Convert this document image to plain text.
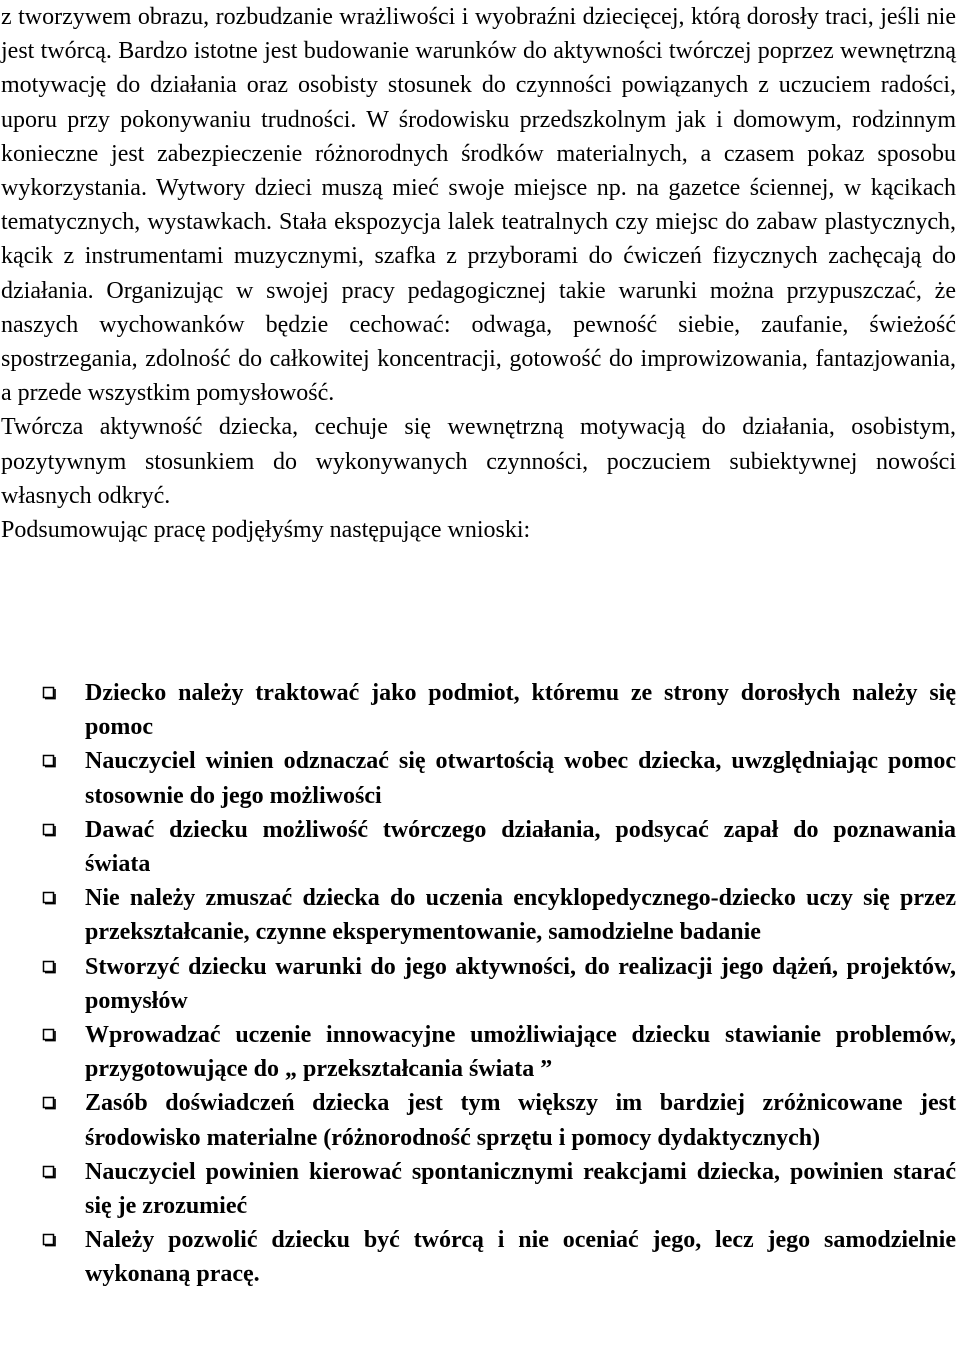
z tworzywem obrazu, rozbudzanie wrażliwości i wyobraźni dziecięcej, którą dorosły traci, jeśli nie jest twórcą. Bardzo istotne jest budowanie warunków do aktywności twórczej poprzez wewnętrzną motywację do działania oraz osobisty stosunek do czynności powiązanych z uczuciem radości, uporu przy pokonywaniu trudności. W środowisku przedszkolnym jak i domowym, rodzinnym konieczne jest zabezpieczenie różnorodnych środków materialnych, a czasem pokaz sposobu wykorzystania. Wytwory dzieci muszą mieć swoje miejsce np. na gazetce ściennej, w kącikach tematycznych, wystawkach. Stała ekspozycja lalek teatralnych czy miejsc do zabaw plastycznych, kącik z instrumentami muzycznymi, szafka z przyborami do ćwiczeń fizycznych zachęcają do działania. Organizując w swojej pracy pedagogicznej takie warunki można przypuszczać, że naszych wychowanków będzie cechować: odwaga, pewność siebie, zaufanie, świeżość spostrzegania, zdolność do całkowitej koncentracji, gotowość do improwizowania, fantazjowania, a przede wszystkim pomysłowość.

Twórcza aktywność dziecka, cechuje się wewnętrzną motywacją do działania, osobistym, pozytywnym stosunkiem do wykonywanych czynności, poczuciem subiektywnej nowości własnych odkryć.

Podsumowując pracę podjęłyśmy następujące wnioski:

Dziecko należy traktować jako podmiot, któremu ze strony dorosłych należy się pomoc
Nauczyciel winien odznaczać się otwartością wobec dziecka, uwzględniając pomoc stosownie do jego możliwości
Dawać dziecku możliwość twórczego działania, podsycać zapał do poznawania świata
Nie należy zmuszać dziecka do uczenia encyklopedycznego-dziecko uczy się przez przekształcanie, czynne eksperymentowanie, samodzielne badanie
Stworzyć dziecku warunki do jego aktywności, do realizacji jego dążeń, projektów, pomysłów
Wprowadzać uczenie innowacyjne umożliwiające dziecku stawianie problemów, przygotowujące do „ przekształcania świata ”
Zasób doświadczeń dziecka jest tym większy im bardziej zróżnicowane jest środowisko materialne (różnorodność sprzętu i pomocy dydaktycznych)
Nauczyciel powinien kierować spontanicznymi reakcjami dziecka, powinien starać się je zrozumieć
Należy pozwolić dziecku być twórcą i nie oceniać jego, lecz jego samodzielnie wykonaną pracę.
